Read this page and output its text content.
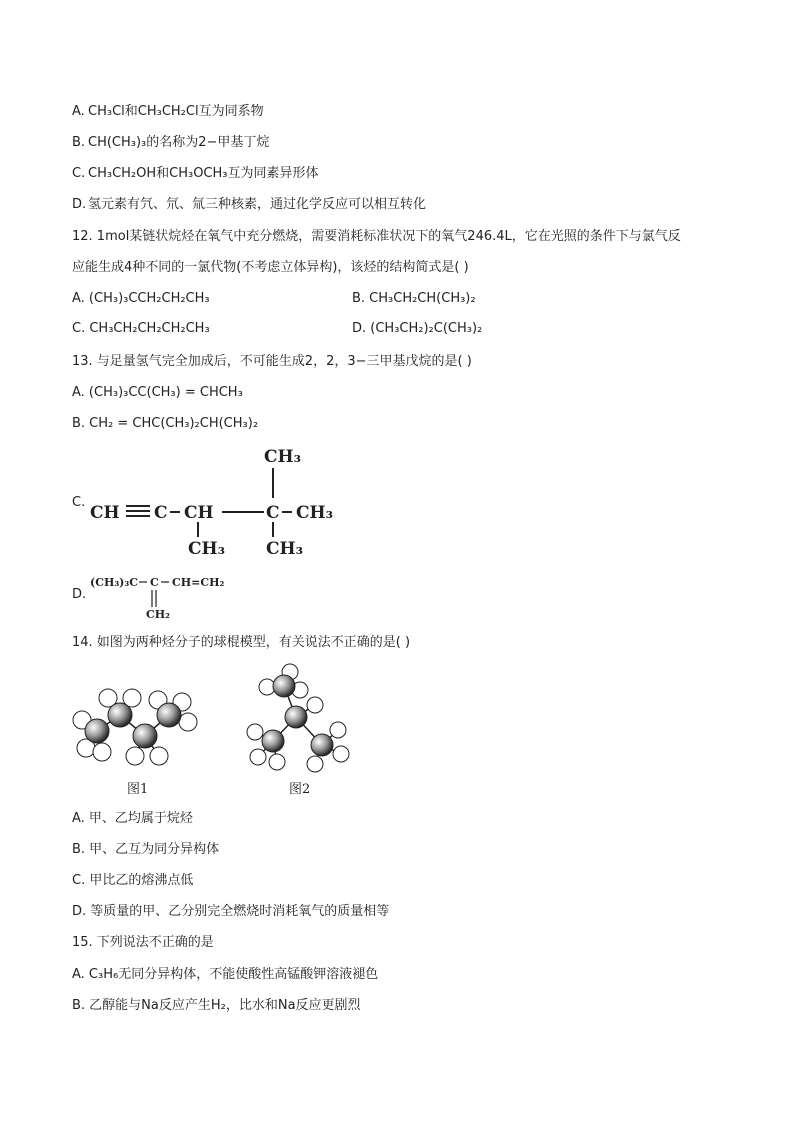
A. CH₃Cl和CH₃CH₂Cl互为同系物
B. CH(CH₃)₃的名称为2−甲基丁烷
C. CH₃CH₂OH和CH₃OCH₃互为同素异形体
D. 氢元素有氕、氘、氚三种核素，通过化学反应可以相互转化
12. 1mol某链状烷烃在氧气中充分燃烧，需要消耗标准状况下的氧气246.4L，它在光照的条件下与氯气反
应能生成4种不同的一氯代物(不考虑立体异构)，该烃的结构简式是( )
A. (CH₃)₃CCH₂CH₂CH₃	B. CH₃CH₂CH(CH₃)₂
C. CH₃CH₂CH₂CH₂CH₃	D. (CH₃CH₂)₂C(CH₃)₂
13. 与足量氢气完全加成后，不可能生成2，2，3−三甲基戊烷的是( )
A. (CH₃)₃CC(CH₃) = CHCH₃
B. CH₂ = CHC(CH₃)₂CH(CH₃)₂
C.
CH₃
CH C CH	C CH₃
CH₃ CH₃
D.
(CH₃)₃C C CH=CH₂
CH₂
14. 如图为两种烃分子的球棍模型，有关说法不正确的是( )
图1	图2
A. 甲、乙均属于烷烃
B. 甲、乙互为同分异构体
C. 甲比乙的熔沸点低
D. 等质量的甲、乙分别完全燃烧时消耗氧气的质量相等
15. 下列说法不正确的是
A. C₃H₆无同分异构体，不能使酸性高锰酸钾溶液褪色
B. 乙醇能与Na反应产生H₂，比水和Na反应更剧烈
